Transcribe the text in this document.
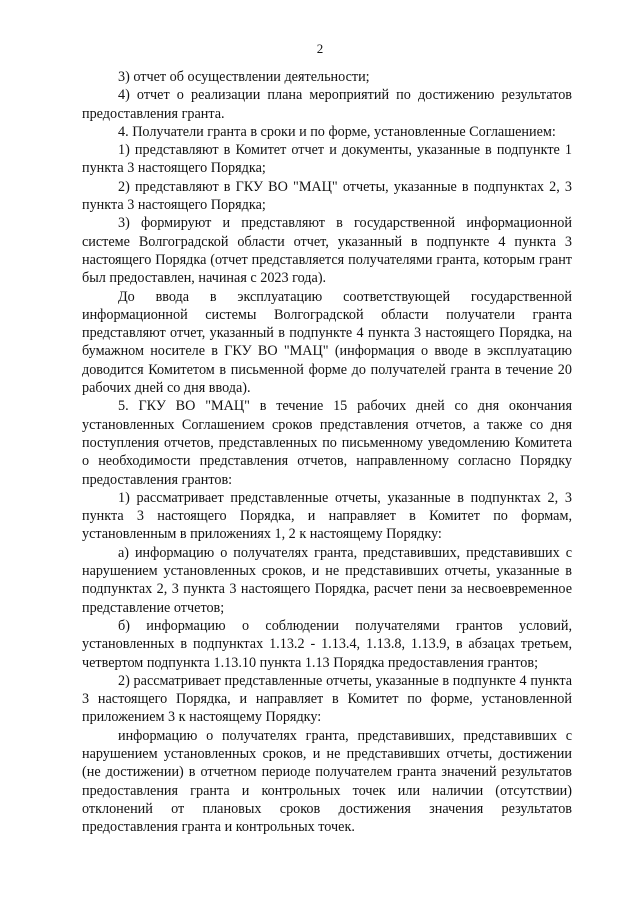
2

3) отчет об осуществлении деятельности;

4) отчет о реализации плана мероприятий по достижению результатов предоставления гранта.

4. Получатели гранта в сроки и по форме, установленные Соглашением:

1) представляют в Комитет отчет и документы, указанные в подпункте 1 пункта 3 настоящего Порядка;

2) представляют в ГКУ ВО "МАЦ" отчеты, указанные в подпунктах 2, 3 пункта 3 настоящего Порядка;

3) формируют и представляют в государственной информационной системе Волгоградской области отчет, указанный в подпункте 4 пункта 3 настоящего Порядка (отчет представляется получателями гранта, которым грант был предоставлен, начиная с 2023 года).

До ввода в эксплуатацию соответствующей государственной информационной системы Волгоградской области получатели гранта представляют отчет, указанный в подпункте 4 пункта 3 настоящего Порядка, на бумажном носителе в ГКУ ВО "МАЦ" (информация о вводе в эксплуатацию доводится Комитетом в письменной форме до получателей гранта в течение 20 рабочих дней со дня ввода).

5. ГКУ ВО "МАЦ" в течение 15 рабочих дней со дня окончания установленных Соглашением сроков представления отчетов, а также со дня поступления отчетов, представленных по письменному уведомлению Комитета о необходимости представления отчетов, направленному согласно Порядку предоставления грантов:

1) рассматривает представленные отчеты, указанные в подпунктах 2, 3 пункта 3 настоящего Порядка, и направляет в Комитет по формам, установленным в приложениях 1, 2 к настоящему Порядку:

а) информацию о получателях гранта, представивших, представивших с нарушением установленных сроков, и не представивших отчеты, указанные в подпунктах 2, 3 пункта 3 настоящего Порядка, расчет пени за несвоевременное представление отчетов;

б) информацию о соблюдении получателями грантов условий, установленных в подпунктах 1.13.2 - 1.13.4, 1.13.8, 1.13.9, в абзацах третьем, четвертом подпункта 1.13.10 пункта 1.13 Порядка предоставления грантов;

2) рассматривает представленные отчеты, указанные в подпункте 4 пункта 3 настоящего Порядка, и направляет в Комитет по форме, установленной приложением 3 к настоящему Порядку:

информацию о получателях гранта, представивших, представивших с нарушением установленных сроков, и не представивших отчеты, достижении (не достижении) в отчетном периоде получателем гранта значений результатов предоставления гранта и контрольных точек или наличии (отсутствии) отклонений от плановых сроков достижения значения результатов предоставления гранта и контрольных точек.
